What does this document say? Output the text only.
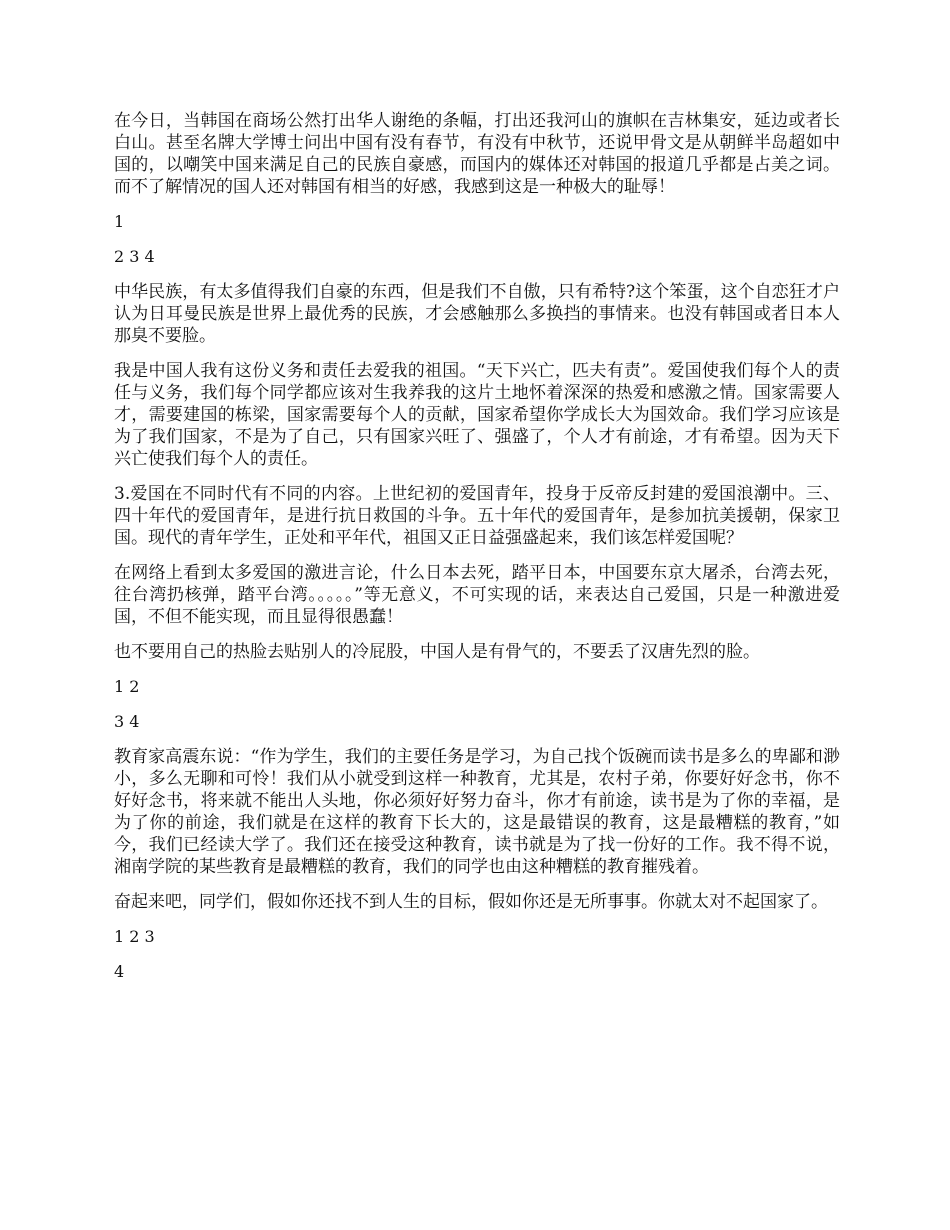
在今日，当韩国在商场公然打出华人谢绝的条幅，打出还我河山的旗帜在吉林集安，延边或者长白山。甚至名牌大学博士问出中国有没有春节，有没有中秋节，还说甲骨文是从朝鲜半岛超如中国的，以嘲笑中国来满足自己的民族自豪感，而国内的媒体还对韩国的报道几乎都是占美之词。而不了解情况的国人还对韩国有相当的好感，我感到这是一种极大的耻辱！

1

2 3 4

中华民族，有太多值得我们自豪的东西，但是我们不自傲，只有希特?这个笨蛋，这个自恋狂才户认为日耳曼民族是世界上最优秀的民族，才会感触那么多换挡的事情来。也没有韩国或者日本人那臭不要脸。

我是中国人我有这份义务和责任去爱我的祖国。“天下兴亡，匹夫有责”。爱国使我们每个人的责任与义务，我们每个同学都应该对生我养我的这片土地怀着深深的热爱和感激之情。国家需要人才，需要建国的栋梁，国家需要每个人的贡献，国家希望你学成长大为国效命。我们学习应该是为了我们国家，不是为了自己，只有国家兴旺了、强盛了，个人才有前途，才有希望。因为天下兴亡使我们每个人的责任。

3.爱国在不同时代有不同的内容。上世纪初的爱国青年，投身于反帝反封建的爱国浪潮中。三、四十年代的爱国青年，是进行抗日救国的斗争。五十年代的爱国青年，是参加抗美援朝，保家卫国。现代的青年学生，正处和平年代，祖国又正日益强盛起来，我们该怎样爱国呢？

在网络上看到太多爱国的激进言论，什么日本去死，踏平日本，中国要东京大屠杀，台湾去死，往台湾扔核弹，踏平台湾。。。。。”等无意义，不可实现的话，来表达自己爱国，只是一种激进爱国，不但不能实现，而且显得很愚蠢！

也不要用自己的热脸去贴别人的冷屁股，中国人是有骨气的，不要丢了汉唐先烈的脸。

1 2

3 4

教育家高震东说：“作为学生，我们的主要任务是学习，为自己找个饭碗而读书是多么的卑鄙和渺小，多么无聊和可怜！我们从小就受到这样一种教育，尤其是，农村子弟，你要好好念书，你不好好念书，将来就不能出人头地，你必须好好努力奋斗，你才有前途，读书是为了你的幸福，是为了你的前途，我们就是在这样的教育下长大的，这是最错误的教育，这是最糟糕的教育，”如今，我们已经读大学了。我们还在接受这种教育，读书就是为了找一份好的工作。我不得不说，湘南学院的某些教育是最糟糕的教育，我们的同学也由这种糟糕的教育摧残着。

奋起来吧，同学们，假如你还找不到人生的目标，假如你还是无所事事。你就太对不起国家了。

1 2 3

4
